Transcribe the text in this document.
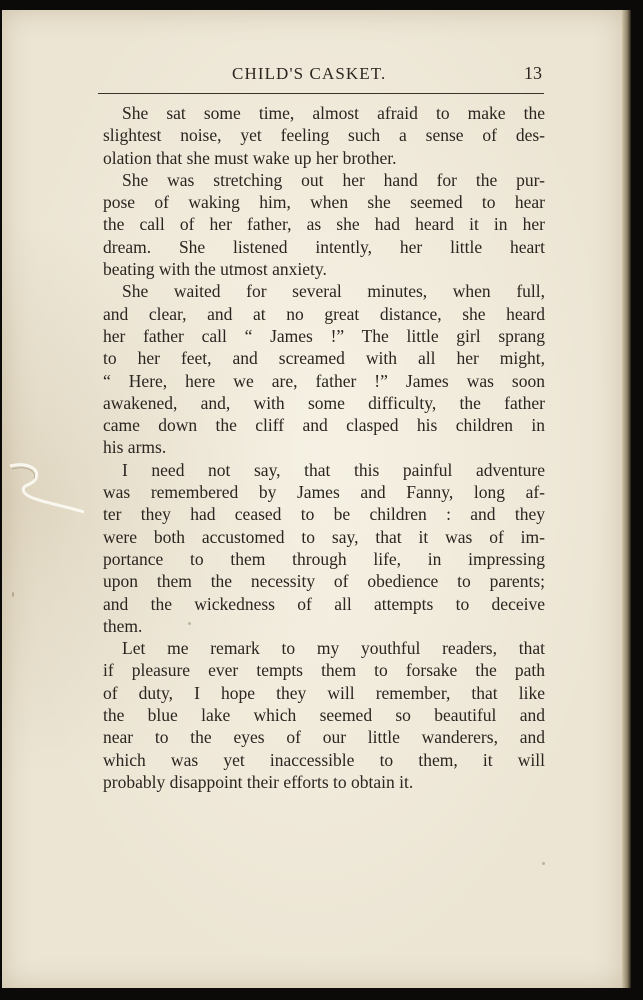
CHILD'S CASKET.	13
She sat some time, almost afraid to make the
slightest noise, yet feeling such a sense of des-
olation that she must wake up her brother.
She was stretching out her hand for the pur-
pose of waking him, when she seemed to hear
the call of her father, as she had heard it in her
dream. She listened intently, her little heart
beating with the utmost anxiety.
She waited for several minutes, when full,
and clear, and at no great distance, she heard
her father call “ James !” The little girl sprang
to her feet, and screamed with all her might,
“ Here, here we are, father !” James was soon
awakened, and, with some difficulty, the father
came down the cliff and clasped his children in
his arms.
I need not say, that this painful adventure
was remembered by James and Fanny, long af-
ter they had ceased to be children : and they
were both accustomed to say, that it was of im-
portance to them through life, in impressing
upon them the necessity of obedience to parents;
and the wickedness of all attempts to deceive
them.
Let me remark to my youthful readers, that
if pleasure ever tempts them to forsake the path
of duty, I hope they will remember, that like
the blue lake which seemed so beautiful and
near to the eyes of our little wanderers, and
which was yet inaccessible to them, it will
probably disappoint their efforts to obtain it.
